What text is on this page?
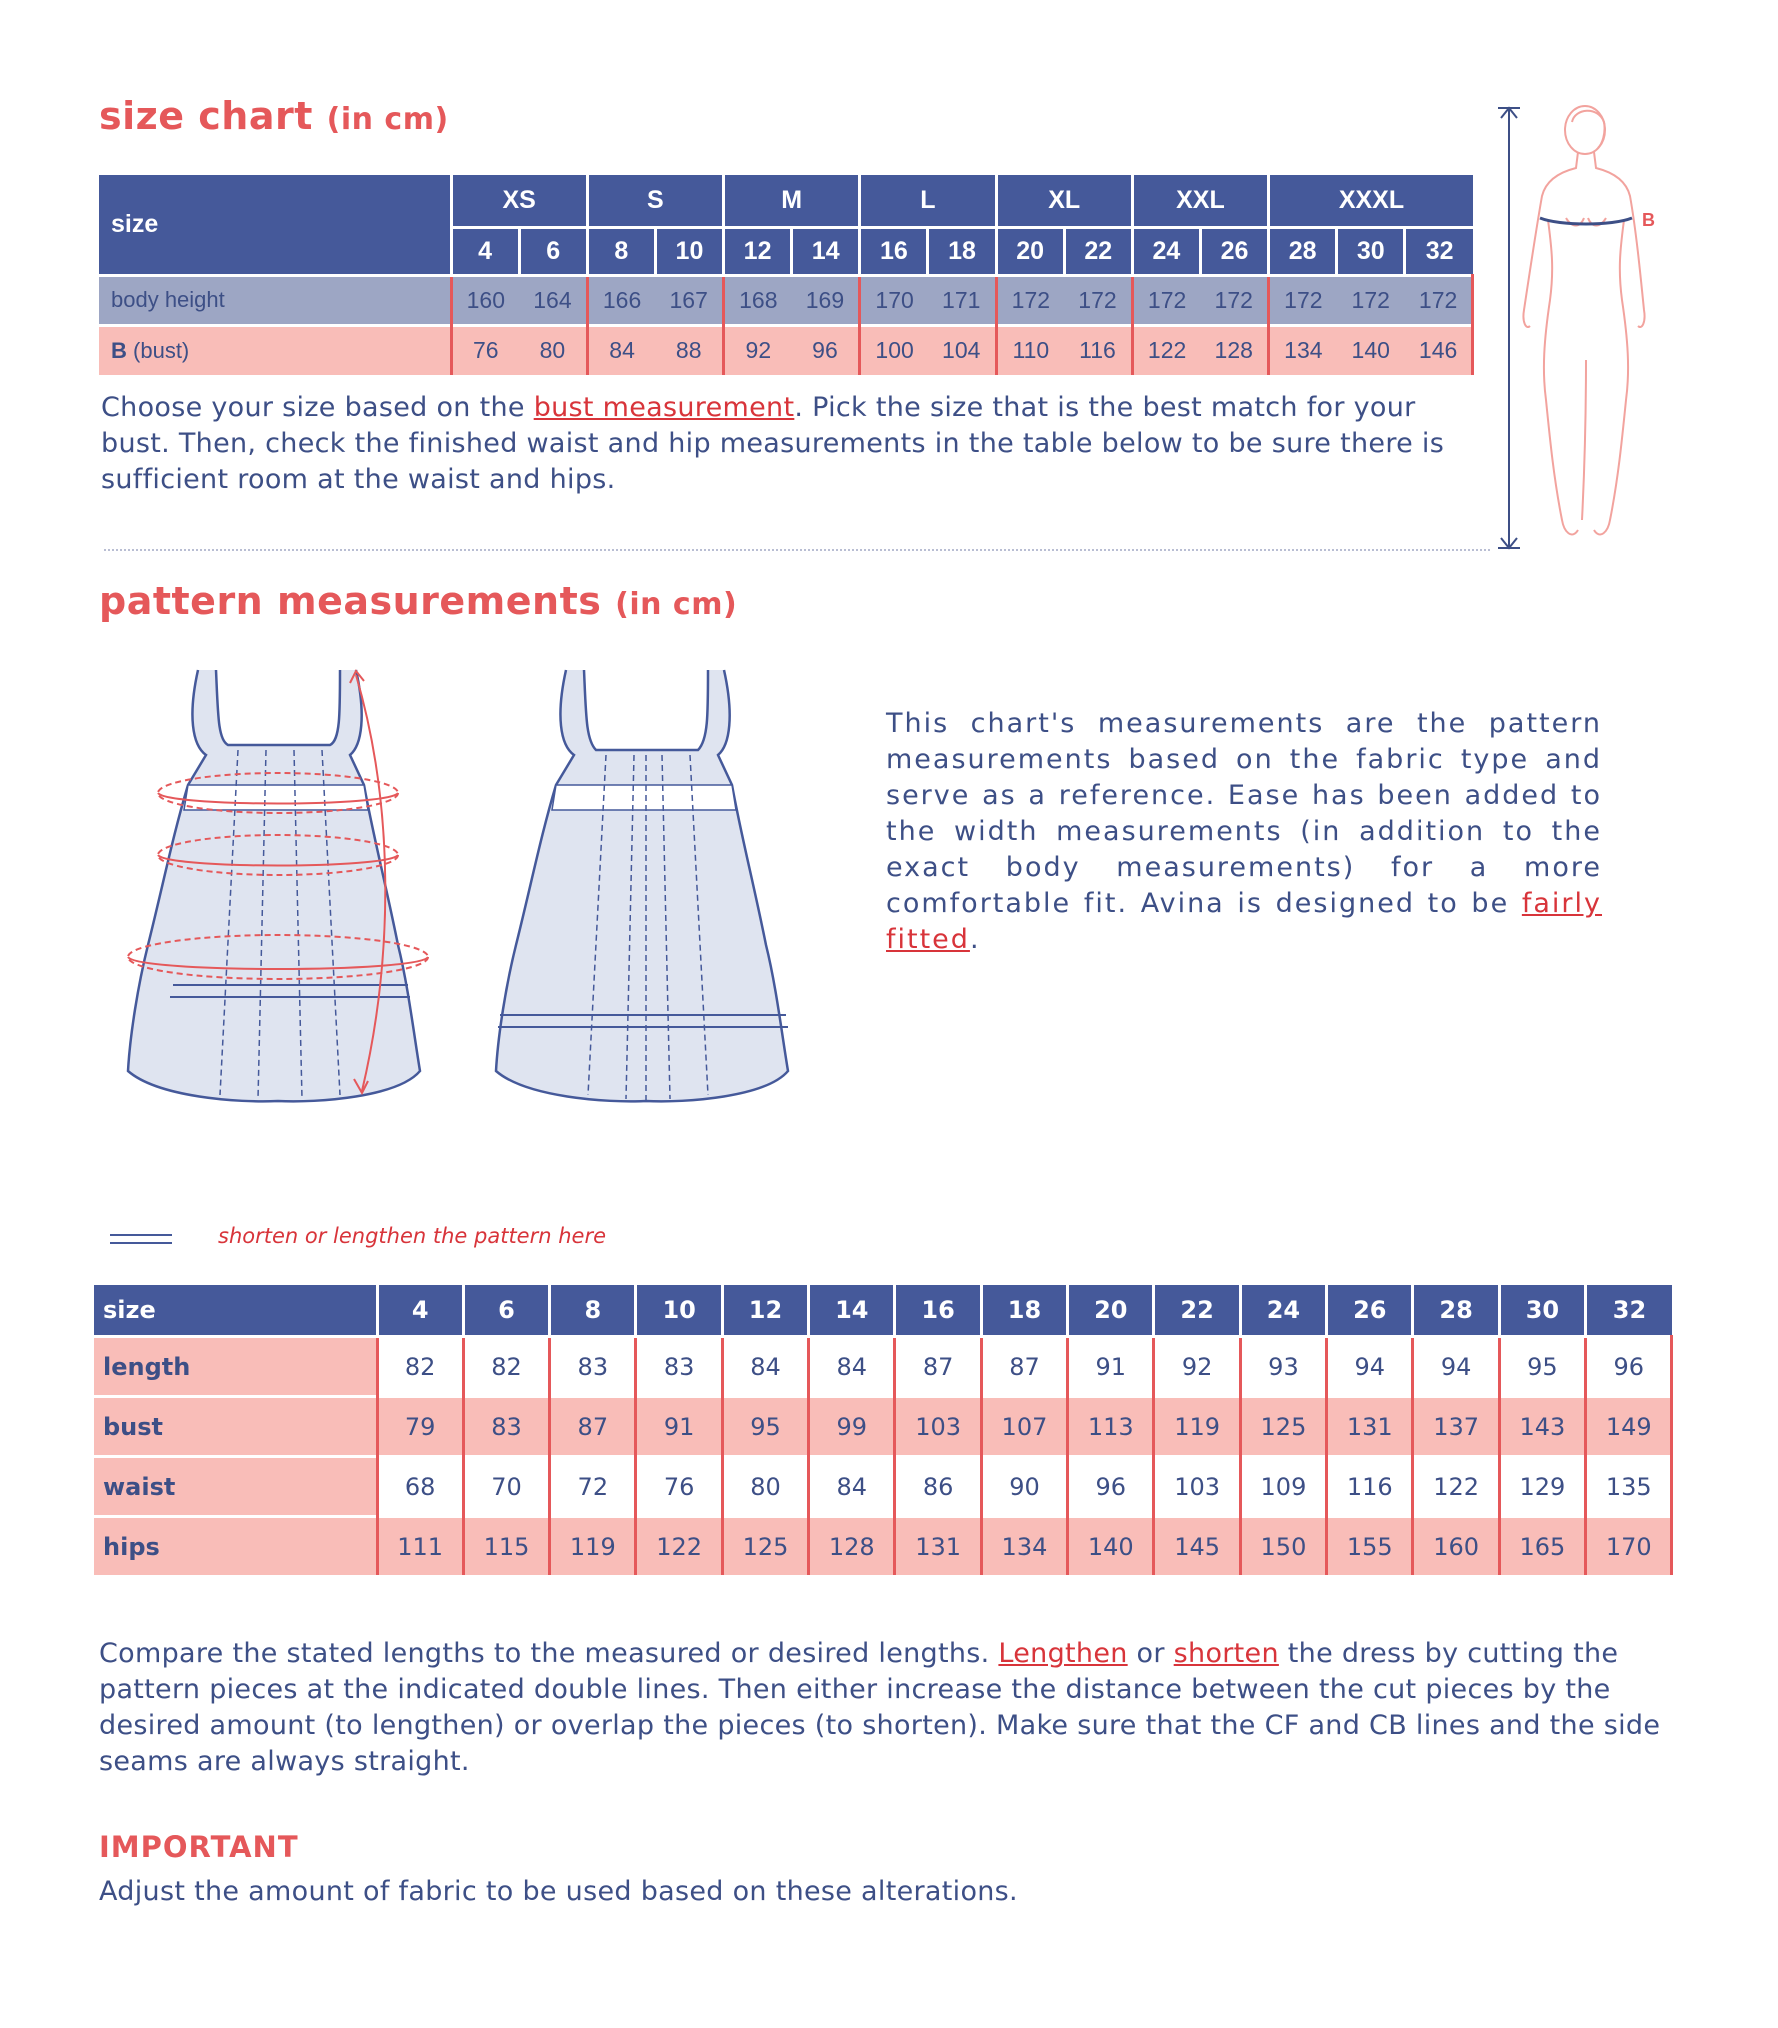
size chart (in cm)
size	XS		S		M		L		XL		XXL		XXXL		
	4	6	8	10	12	14	16	18	20	22	24	26	28	30	32
body height	160	164	166	167	168	169	170	171	172	172	172	172	172	172	172
B (bust)	76	80	84	88	92	96	100	104	110	116	122	128	134	140	146
Choose your size based on the bust measurement. Pick the size that is the best match for your bust. Then, check the finished waist and hip measurements in the table below to be sure there is sufficient room at the waist and hips.
B
pattern measurements (in cm)
This chart's measurements are the pattern measurements based on the fabric type and serve as a reference. Ease has been added to the width measurements (in addition to the exact body measurements) for a more comfortable fit. Avina is designed to be fairly fitted.
shorten or lengthen the pattern here
size	4	6	8	10	12	14	16	18	20	22	24	26	28	30	32
length	82	82	83	83	84	84	87	87	91	92	93	94	94	95	96
bust	79	83	87	91	95	99	103	107	113	119	125	131	137	143	149
waist	68	70	72	76	80	84	86	90	96	103	109	116	122	129	135
hips	111	115	119	122	125	128	131	134	140	145	150	155	160	165	170
Compare the stated lengths to the measured or desired lengths. Lengthen or shorten the dress by cutting the pattern pieces at the indicated double lines. Then either increase the distance between the cut pieces by the desired amount (to lengthen) or overlap the pieces (to shorten). Make sure that the CF and CB lines and the side seams are always straight.
IMPORTANT
Adjust the amount of fabric to be used based on these alterations.
